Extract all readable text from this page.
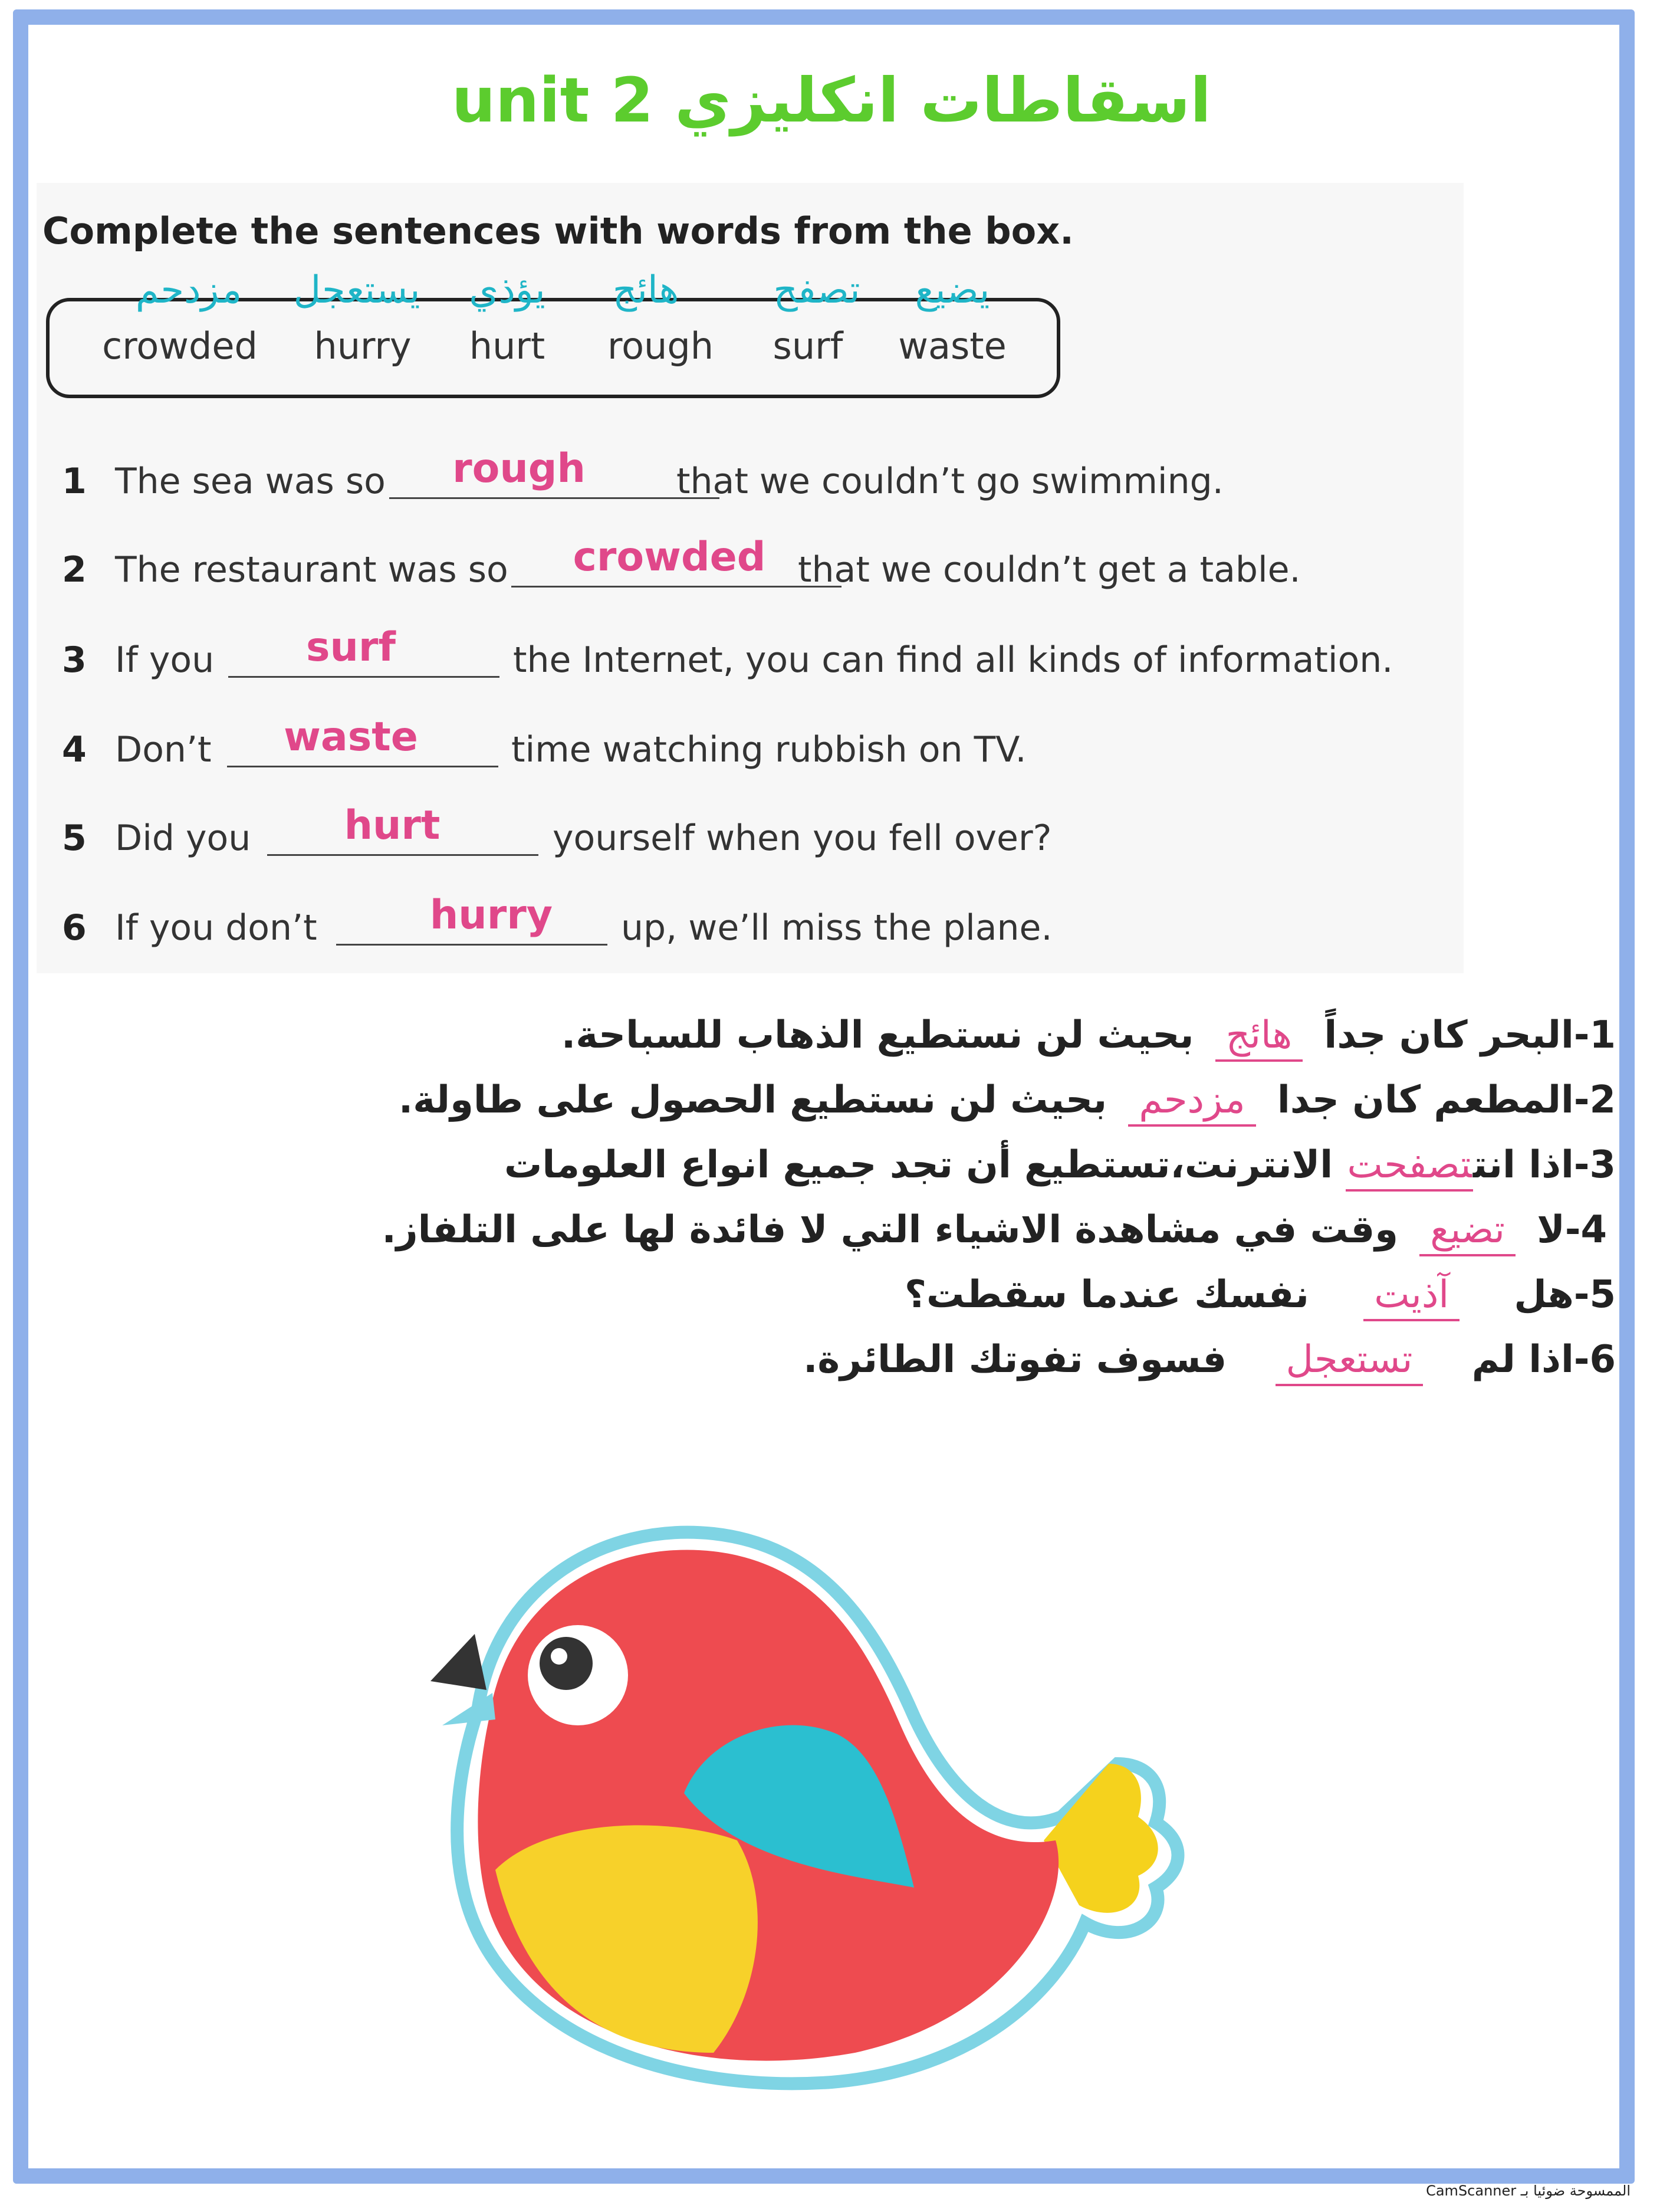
unit 2 اسقاطات انكليزي
Complete the sentences with words from the box.
مزدحم يستعجل يؤذي هائج	تصفح يضيع
crowded hurry hurt rough surf waste
1 The sea was so rough	that we couldn’t go swimming.
2 The restaurant was so crowded that we couldn’t get a table.
3 If you surf	the Internet, you can find all kinds of information.
4 Don’t waste	time watching rubbish on TV.
5 Did you hurt	yourself when you fell over?
6 If you don’t	hurry up, we’ll miss the plane.
1-البحر كان جداً هائج بحيث لن نستطيع الذهاب للسباحة.
2-المطعم كان جدا مزدحم بحيث لن نستطيع الحصول على طاولة.
3-اذا انتتصفحت الانترنت،تستطيع أن تجد جميع انواع العلومات
4-لا تضيع وقت في مشاهدة الاشياء التي لا فائدة لها على التلفاز.
5-هل آذيت نفسك عندما سقطت؟
6-اذا لم تستعجل فسوف تفوتك الطائرة.
الممسوحة ضوئيا بـ CamScanner
